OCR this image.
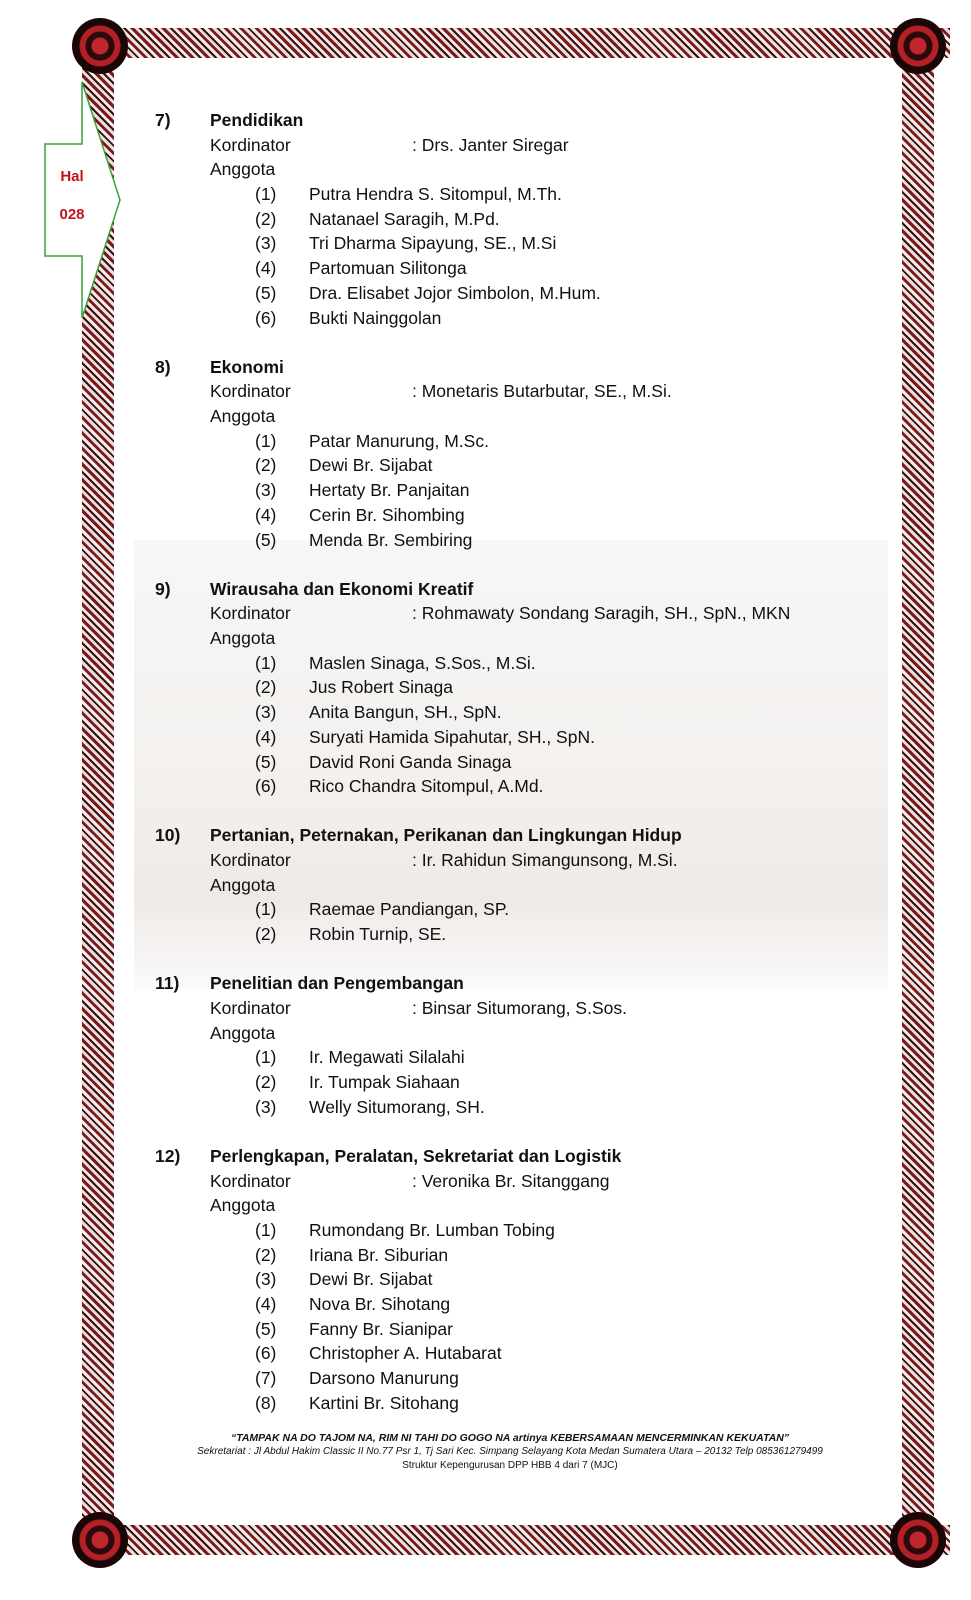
Hal
028
7) Pendidikan
Kordinator	: Drs. Janter Siregar
Anggota
(1) Putra Hendra S. Sitompul, M.Th.
(2) Natanael Saragih, M.Pd.
(3) Tri Dharma Sipayung, SE., M.Si
(4) Partomuan Silitonga
(5) Dra. Elisabet Jojor Simbolon, M.Hum.
(6) Bukti Nainggolan
8) Ekonomi
Kordinator	: Monetaris Butarbutar, SE., M.Si.
Anggota
(1) Patar Manurung, M.Sc.
(2) Dewi Br. Sijabat
(3) Hertaty Br. Panjaitan
(4) Cerin Br. Sihombing
(5) Menda Br. Sembiring
9) Wirausaha dan Ekonomi Kreatif
Kordinator	: Rohmawaty Sondang Saragih, SH., SpN., MKN
Anggota
(1) Maslen Sinaga, S.Sos., M.Si.
(2) Jus Robert Sinaga
(3) Anita Bangun, SH., SpN.
(4) Suryati Hamida Sipahutar, SH., SpN.
(5) David Roni Ganda Sinaga
(6) Rico Chandra Sitompul, A.Md.
10) Pertanian, Peternakan, Perikanan dan Lingkungan Hidup
Kordinator	: Ir. Rahidun Simangunsong, M.Si.
Anggota
(1) Raemae Pandiangan, SP.
(2) Robin Turnip, SE.
11) Penelitian dan Pengembangan
Kordinator	: Binsar Situmorang, S.Sos.
Anggota
(1) Ir. Megawati Silalahi
(2) Ir. Tumpak Siahaan
(3) Welly Situmorang, SH.
12) Perlengkapan, Peralatan, Sekretariat dan Logistik
Kordinator	: Veronika Br. Sitanggang
Anggota
(1) Rumondang Br. Lumban Tobing
(2) Iriana Br. Siburian
(3) Dewi Br. Sijabat
(4) Nova Br. Sihotang
(5) Fanny Br. Sianipar
(6) Christopher A. Hutabarat
(7) Darsono Manurung
(8) Kartini Br. Sitohang
“TAMPAK NA DO TAJOM NA, RIM NI TAHI DO GOGO NA artinya KEBERSAMAAN MENCERMINKAN KEKUATAN”
Sekretariat : Jl Abdul Hakim Classic II No.77 Psr 1, Tj Sari Kec. Simpang Selayang Kota Medan Sumatera Utara – 20132 Telp 085361279499
Struktur Kepengurusan DPP HBB 4 dari 7 (MJC)
